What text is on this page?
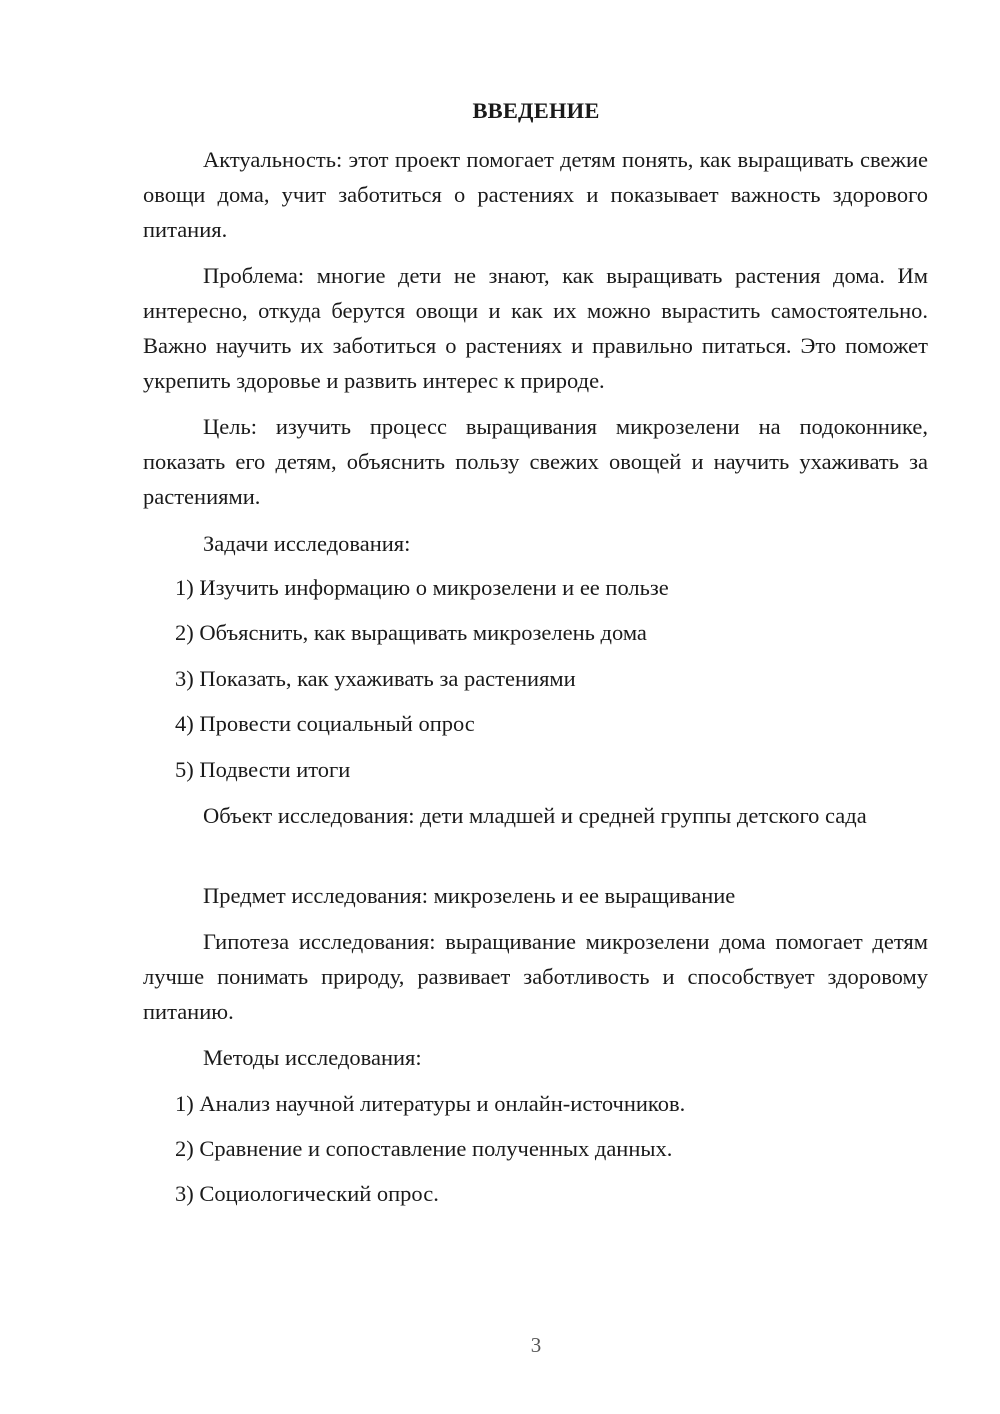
ВВЕДЕНИЕ

Актуальность: этот проект помогает детям понять, как выращивать свежие овощи дома, учит заботиться о растениях и показывает важность здорового питания.

Проблема: многие дети не знают, как выращивать растения дома. Им интересно, откуда берутся овощи и как их можно вырастить самостоятельно. Важно научить их заботиться о растениях и правильно питаться. Это поможет укрепить здоровье и развить интерес к природе.

Цель: изучить процесс выращивания микрозелени на подоконнике, показать его детям, объяснить пользу свежих овощей и научить ухаживать за растениями.

Задачи исследования:
1) Изучить информацию о микрозелени и ее пользе
2) Объяснить, как выращивать микрозелень дома
3) Показать, как ухаживать за растениями
4) Провести социальный опрос
5) Подвести итоги

Объект исследования: дети младшей и средней группы детского сада

Предмет исследования: микрозелень и ее выращивание

Гипотеза исследования: выращивание микрозелени дома помогает детям лучше понимать природу, развивает заботливость и способствует здоровому питанию.

Методы исследования:
1) Анализ научной литературы и онлайн-источников.
2) Сравнение и сопоставление полученных данных.
3) Социологический опрос.
3
